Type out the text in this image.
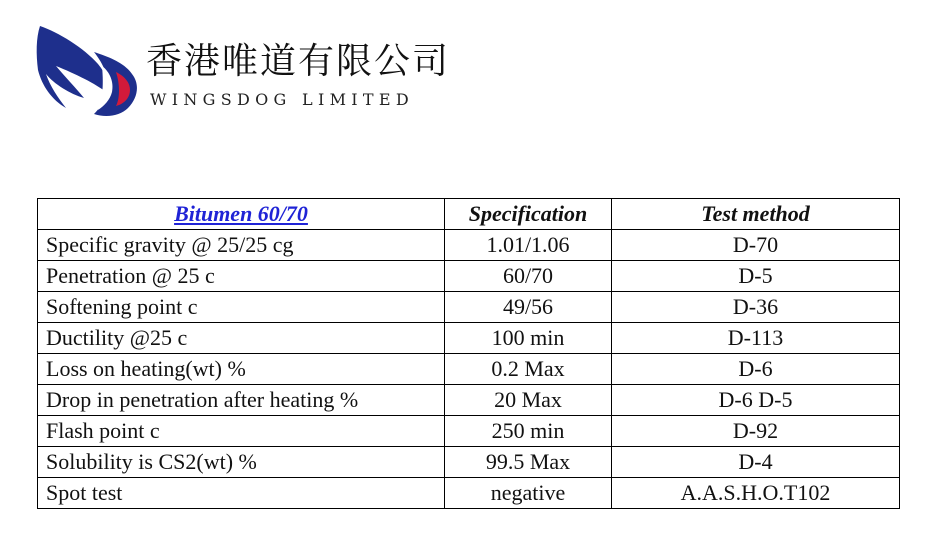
香港唯道有限公司
WINGSDOG LIMITED
Bitumen 60/70	Specification	Test method
Specific gravity @ 25/25 cg	1.01/1.06	D-70
Penetration @ 25 c	60/70	D-5
Softening point c	49/56	D-36
Ductility @25 c	100 min	D-113
Loss on heating(wt) %	0.2 Max	D-6
Drop in penetration after heating %	20 Max	D-6 D-5
Flash point c	250 min	D-92
Solubility is CS2(wt) %	99.5 Max	D-4
Spot test	negative	A.A.S.H.O.T102
